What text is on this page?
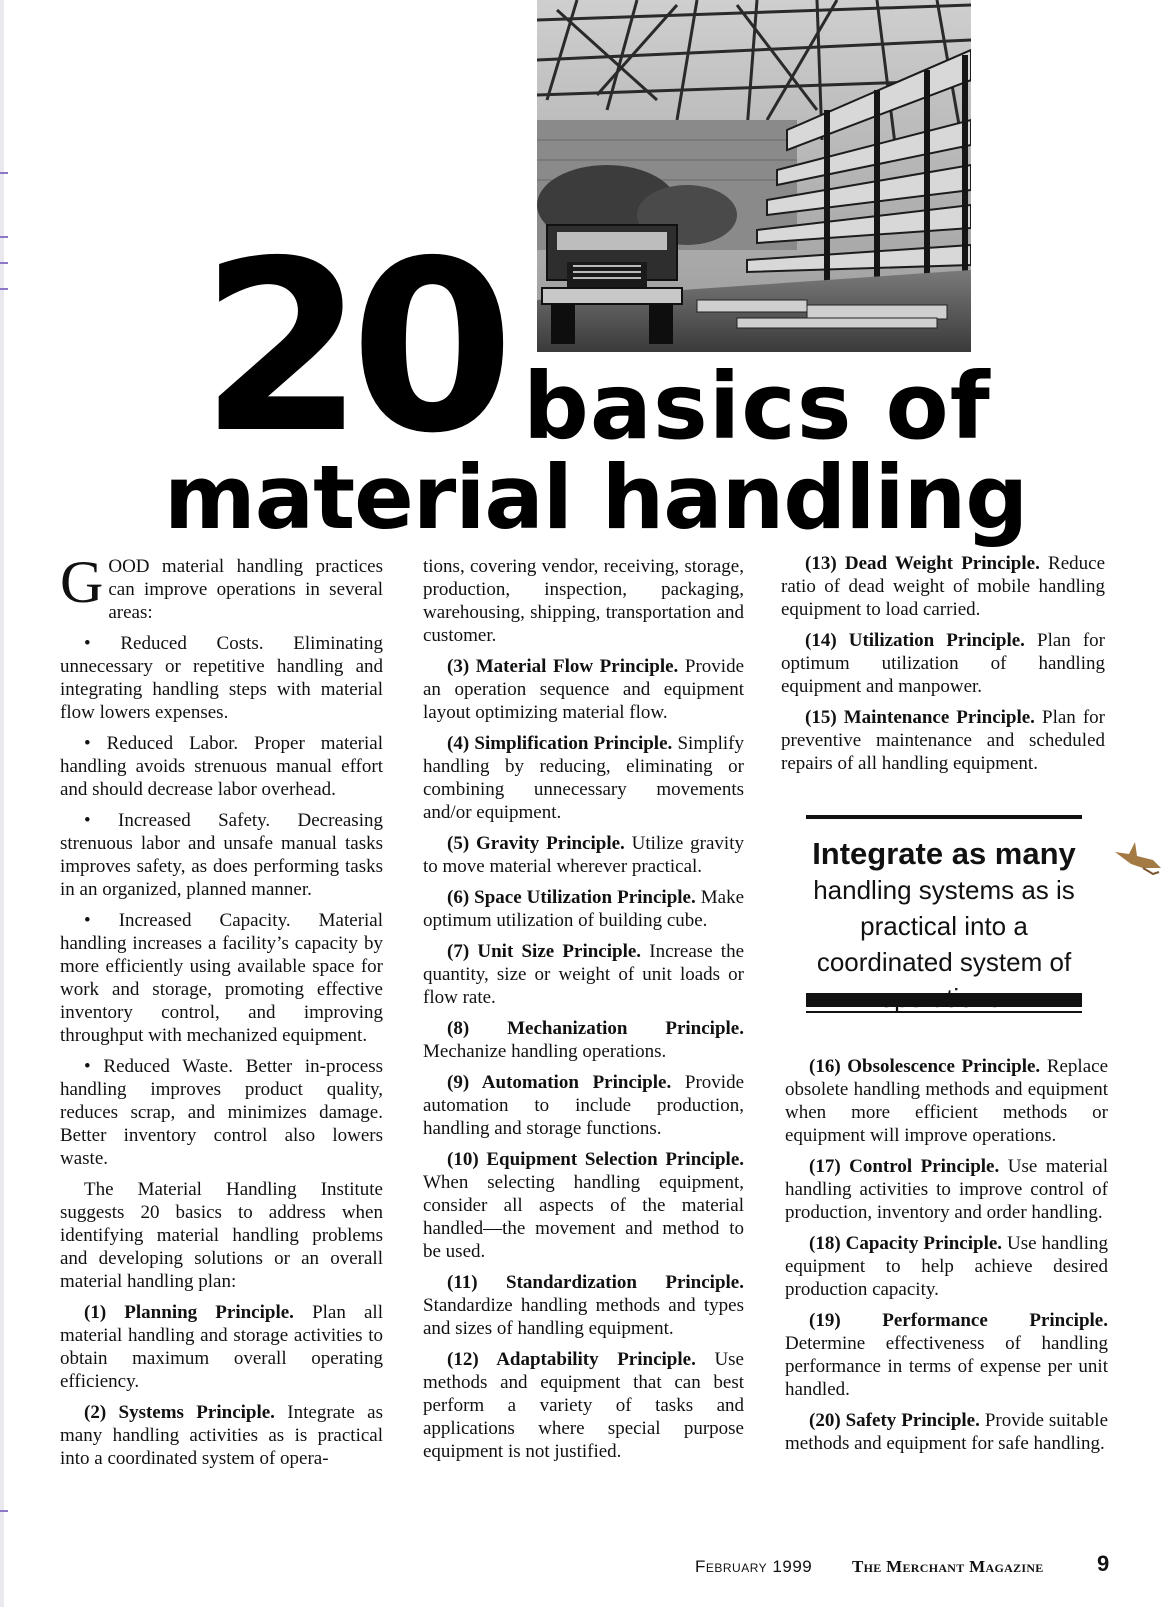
20 basics of
material handling

GOOD material handling practices can improve operations in several areas:

• Reduced Costs. Eliminating unnecessary or repetitive handling and integrating handling steps with material flow lowers expenses.

• Reduced Labor. Proper material handling avoids strenuous manual effort and should decrease labor overhead.

• Increased Safety. Decreasing strenuous labor and unsafe manual tasks improves safety, as does performing tasks in an organized, planned manner.

• Increased Capacity. Material handling increases a facility’s capacity by more efficiently using available space for work and storage, promoting effective inventory control, and improving throughput with mechanized equipment.

• Reduced Waste. Better in-process handling improves product quality, reduces scrap, and minimizes damage. Better inventory control also lowers waste.

The Material Handling Institute suggests 20 basics to address when identifying material handling problems and developing solutions or an overall material handling plan:

(1) Planning Principle. Plan all material handling and storage activities to obtain maximum overall operating efficiency.

(2) Systems Principle. Integrate as many handling activities as is practical into a coordinated system of opera-

tions, covering vendor, receiving, storage, production, inspection, packaging, warehousing, shipping, transportation and customer.

(3) Material Flow Principle. Provide an operation sequence and equipment layout optimizing material flow.

(4) Simplification Principle. Simplify handling by reducing, eliminating or combining unnecessary movements and/or equipment.

(5) Gravity Principle. Utilize gravity to move material wherever practical.

(6) Space Utilization Principle. Make optimum utilization of building cube.

(7) Unit Size Principle. Increase the quantity, size or weight of unit loads or flow rate.

(8) Mechanization Principle. Mechanize handling operations.

(9) Automation Principle. Provide automation to include production, handling and storage functions.

(10) Equipment Selection Principle. When selecting handling equipment, consider all aspects of the material handled—the movement and method to be used.

(11) Standardization Principle. Standardize handling methods and types and sizes of handling equipment.

(12) Adaptability Principle. Use methods and equipment that can best perform a variety of tasks and applications where special purpose equipment is not justified.

(13) Dead Weight Principle. Reduce ratio of dead weight of mobile handling equipment to load carried.

(14) Utilization Principle. Plan for optimum utilization of handling equipment and manpower.

(15) Maintenance Principle. Plan for preventive maintenance and scheduled repairs of all handling equipment.

Integrate as many
handling systems as is practical into a coordinated system of

(16) Obsolescence Principle. Replace obsolete handling methods and equipment when more efficient methods or equipment will improve operations.

(17) Control Principle. Use material handling activities to improve control of production, inventory and order handling.

(18) Capacity Principle. Use handling equipment to help achieve desired production capacity.

(19) Performance Principle. Determine effectiveness of handling performance in terms of expense per unit handled.

(20) Safety Principle. Provide suitable methods and equipment for safe handling.

February 1999 The Merchant Magazine 9
